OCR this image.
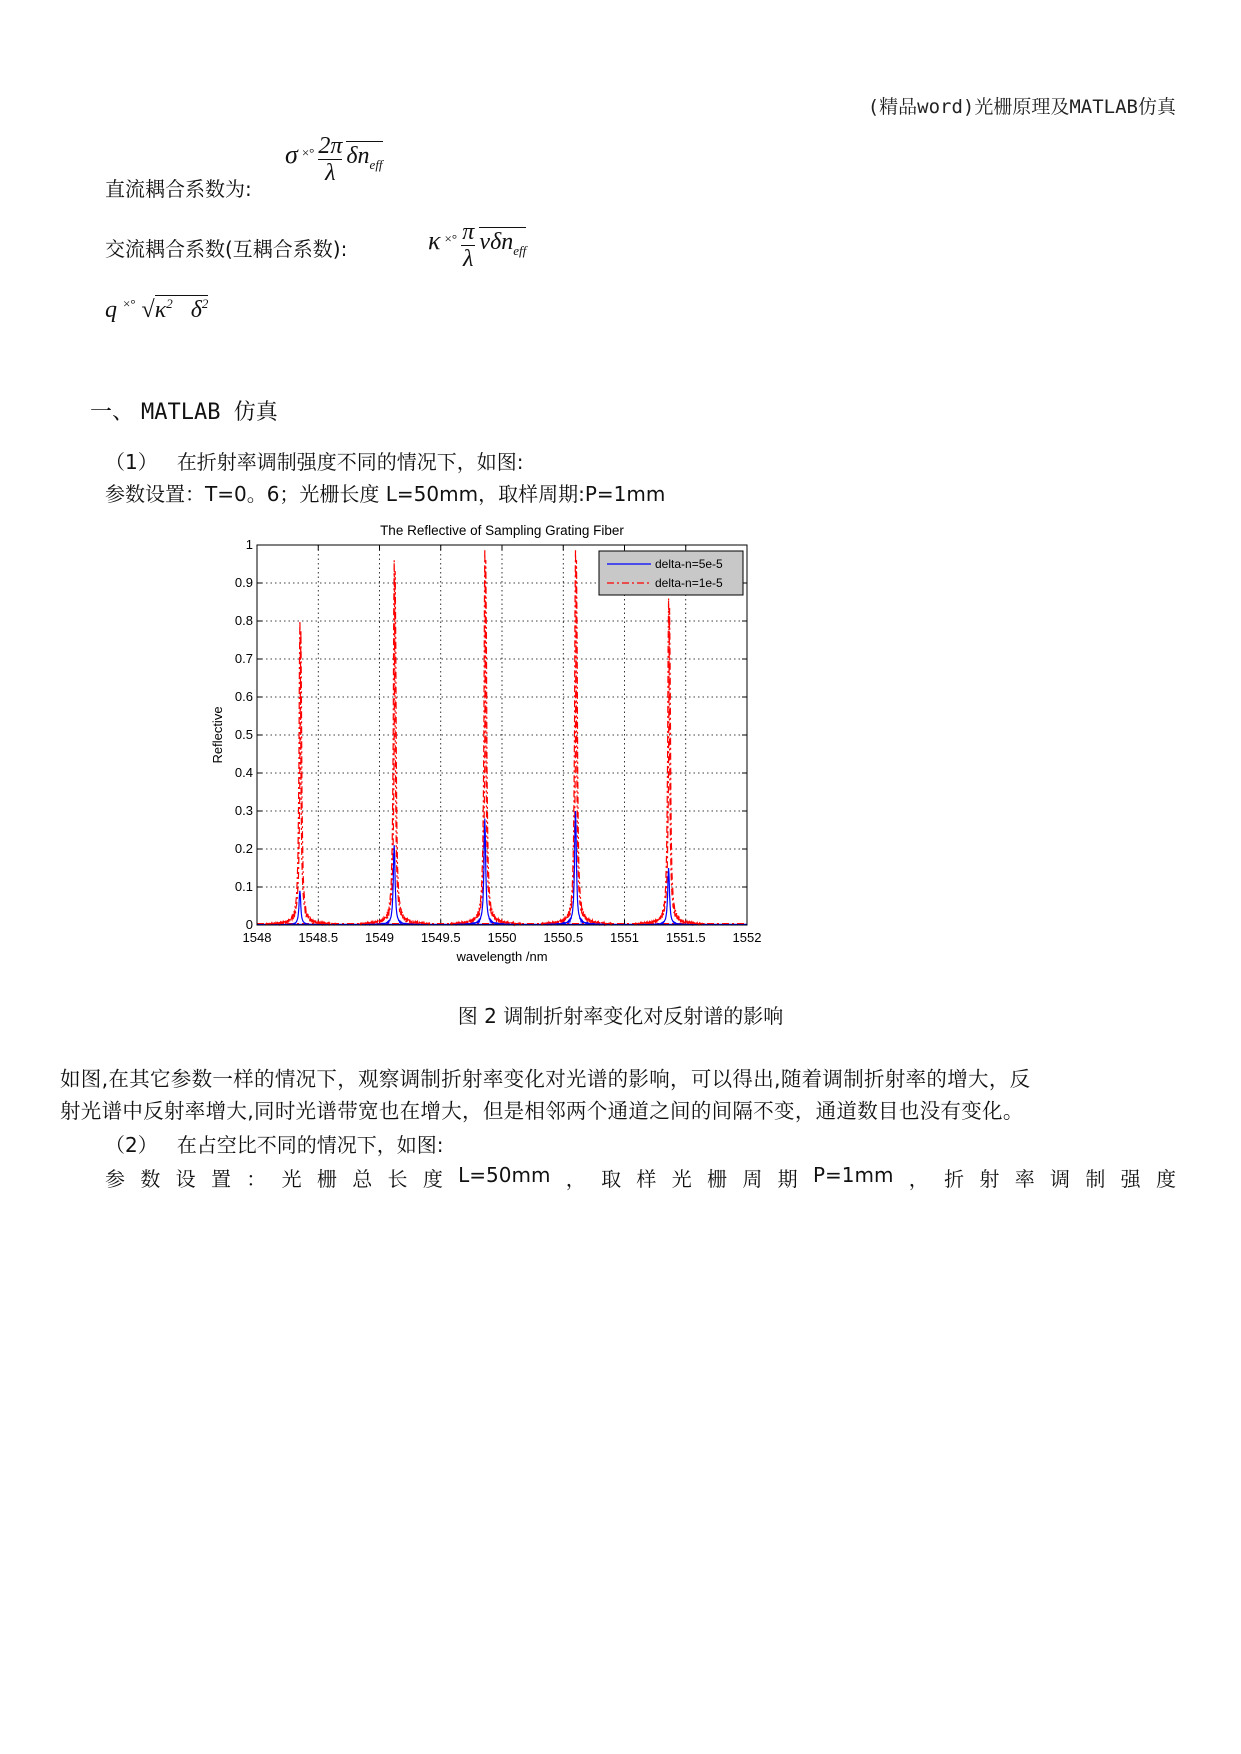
(精品word)光栅原理及MATLAB仿真
直流耦合系数为:
σ $^{\times^\circ} \frac{2\pi}{\lambda} \delta n_{eff}$
交流耦合系数(互耦合系数):	κ $^{\times^\circ} \frac{\pi}{\lambda} v\delta n_{eff}$
q ×° $√\kappa^2$ $\delta^2$
一、 MATLAB 仿真
（1） 在折射率调制强度不同的情况下，如图:
参数设置：T=0。6；光栅长度 L=50mm，取样周期:P=1mm
1548 1548.5 1549 1549.5 1550 1550.5 1551 1551.5 1552
0
0.1
0.2
0.3
0.4
0.5
0.6
0.7
0.8
0.9
1
delta-n=5e-5
delta-n=1e-5
The Reflective of Sampling Grating Fiber
wavelength /nm
Reflective
图 2 调制折射率变化对反射谱的影响
如图,在其它参数一样的情况下，观察调制折射率变化对光谱的影响，可以得出,随着调制折射率的增大，反
射光谱中反射率增大,同时光谱带宽也在增大，但是相邻两个通道之间的间隔不变，通道数目也没有变化。
（2） 在占空比不同的情况下，如图:
参 数 设 置 ： 光 栅 总 长 度 L=50mm ， 取 样 光 栅 周 期 P=1mm ， 折 射 率 调 制 强 度
